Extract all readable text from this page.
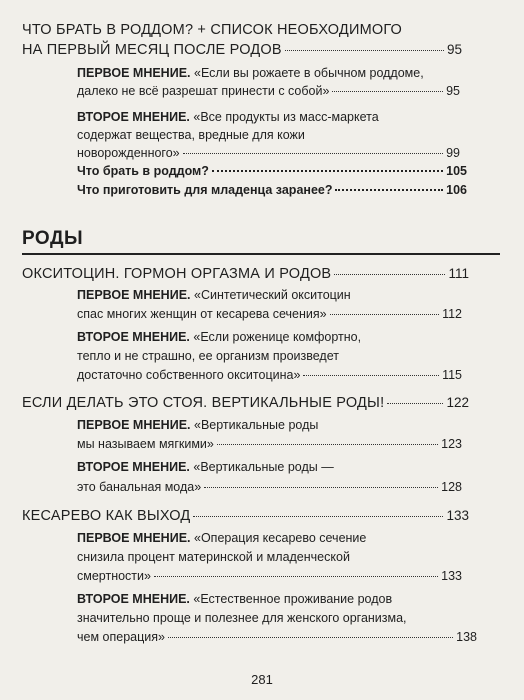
ЧТО БРАТЬ В РОДДОМ? + СПИСОК НЕОБХОДИМОГО
НА ПЕРВЫЙ МЕСЯЦ ПОСЛЕ РОДОВ	95
ПЕРВОЕ МНЕНИЕ. «Если вы рожаете в обычном роддоме,
далеко не всё разрешат принести с собой»	95
ВТОРОЕ МНЕНИЕ. «Все продукты из масс-маркета
содержат вещества, вредные для кожи
новорожденного»	99
Что брать в роддом?	105
Что приготовить для младенца заранее?	106
РОДЫ
ОКСИТОЦИН. ГОРМОН ОРГАЗМА И РОДОВ	111
ПЕРВОЕ МНЕНИЕ. «Синтетический окситоцин
спас многих женщин от кесарева сечения»	112
ВТОРОЕ МНЕНИЕ. «Если роженице комфортно,
тепло и не страшно, ее организм произведет
достаточно собственного окситоцина»	115
ЕСЛИ ДЕЛАТЬ ЭТО СТОЯ. ВЕРТИКАЛЬНЫЕ РОДЫ!	122
ПЕРВОЕ МНЕНИЕ. «Вертикальные роды
мы называем мягкими»	123
ВТОРОЕ МНЕНИЕ. «Вертикальные роды —
это банальная мода»	128
КЕСАРЕВО КАК ВЫХОД	133
ПЕРВОЕ МНЕНИЕ. «Операция кесарево сечение
снизила процент материнской и младенческой
смертности»	133
ВТОРОЕ МНЕНИЕ. «Естественное проживание родов
значительно проще и полезнее для женского организма,
чем операция»	138
281
